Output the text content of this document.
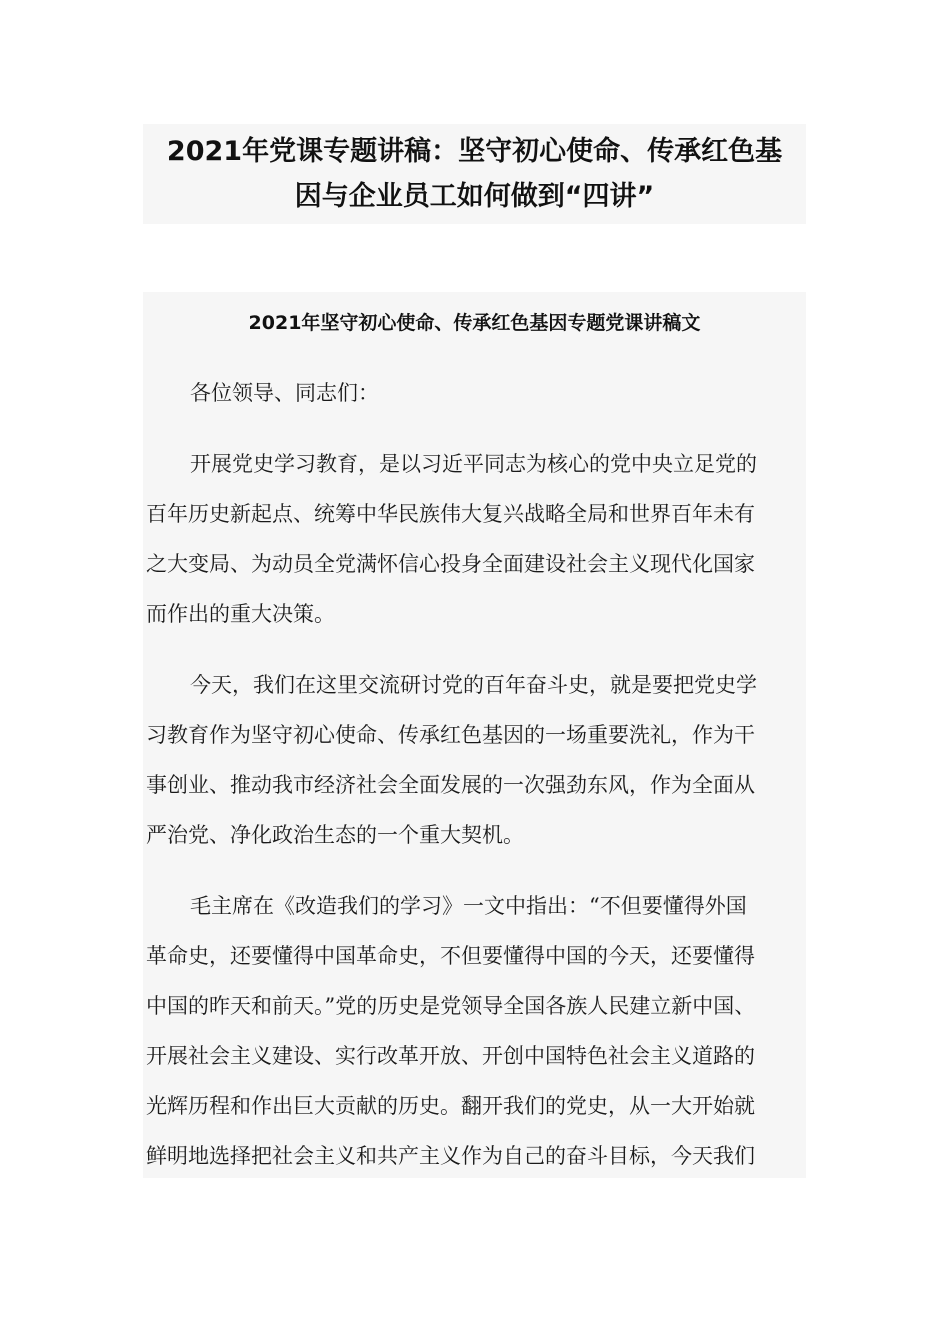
2021年党课专题讲稿：坚守初心使命、传承红色基
因与企业员工如何做到“四讲”
2021年坚守初心使命、传承红色基因专题党课讲稿文
各位领导、同志们：
开展党史学习教育，是以习近平同志为核心的党中央立足党的
百年历史新起点、统筹中华民族伟大复兴战略全局和世界百年未有
之大变局、为动员全党满怀信心投身全面建设社会主义现代化国家
而作出的重大决策。
今天，我们在这里交流研讨党的百年奋斗史，就是要把党史学
习教育作为坚守初心使命、传承红色基因的一场重要洗礼，作为干
事创业、推动我市经济社会全面发展的一次强劲东风，作为全面从
严治党、净化政治生态的一个重大契机。
毛主席在《改造我们的学习》一文中指出：“不但要懂得外国
革命史，还要懂得中国革命史，不但要懂得中国的今天，还要懂得
中国的昨天和前天。”党的历史是党领导全国各族人民建立新中国、
开展社会主义建设、实行改革开放、开创中国特色社会主义道路的
光辉历程和作出巨大贡献的历史。翻开我们的党史，从一大开始就
鲜明地选择把社会主义和共产主义作为自己的奋斗目标，今天我们
